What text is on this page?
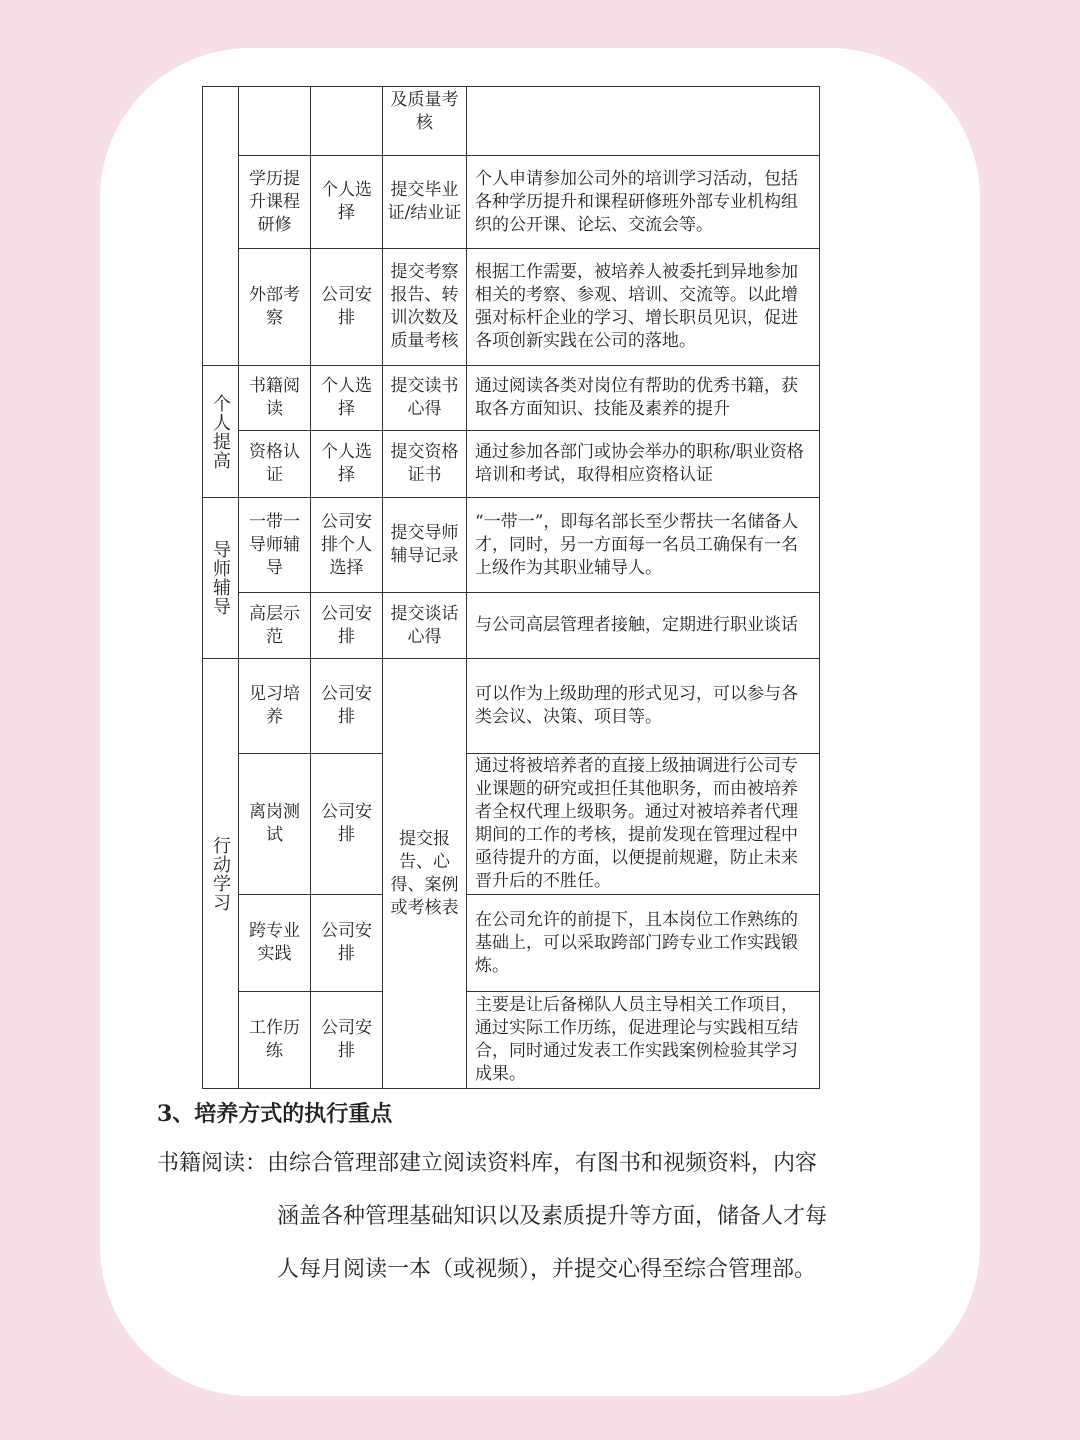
			及质量考核	
	学历提升课程研修	个人选择	提交毕业证/结业证	个人申请参加公司外的培训学习活动，包括各种学历提升和课程研修班外部专业机构组织的公开课、论坛、交流会等。
	外部考察	公司安排	提交考察报告、转训次数及质量考核	根据工作需要，被培养人被委托到异地参加相关的考察、参观、培训、交流等。以此增强对标杆企业的学习、增长职员见识，促进各项创新实践在公司的落地。
个人提高	书籍阅读	个人选择	提交读书心得	通过阅读各类对岗位有帮助的优秀书籍，获取各方面知识、技能及素养的提升
	资格认证	个人选择	提交资格证书	通过参加各部门或协会举办的职称/职业资格培训和考试，取得相应资格认证
导师辅导	一带一导师辅导	公司安排个人选择	提交导师辅导记录	“一带一”，即每名部长至少帮扶一名储备人才，同时，另一方面每一名员工确保有一名上级作为其职业辅导人。
	高层示范	公司安排	提交谈话心得	与公司高层管理者接触，定期进行职业谈话
行动学习	见习培养	公司安排	提交报告、心得、案例或考核表	可以作为上级助理的形式见习，可以参与各类会议、决策、项目等。
	离岗测试	公司安排		通过将被培养者的直接上级抽调进行公司专业课题的研究或担任其他职务，而由被培养者全权代理上级职务。通过对被培养者代理期间的工作的考核，提前发现在管理过程中亟待提升的方面，以便提前规避，防止未来晋升后的不胜任。
	跨专业实践	公司安排		在公司允许的前提下，且本岗位工作熟练的基础上，可以采取跨部门跨专业工作实践锻炼。
	工作历练	公司安排		主要是让后备梯队人员主导相关工作项目，通过实际工作历练，促进理论与实践相互结合，同时通过发表工作实践案例检验其学习成果。
3、培养方式的执行重点

书籍阅读：由综合管理部建立阅读资料库，有图书和视频资料，内容
涵盖各种管理基础知识以及素质提升等方面，储备人才每
人每月阅读一本（或视频），并提交心得至综合管理部。
